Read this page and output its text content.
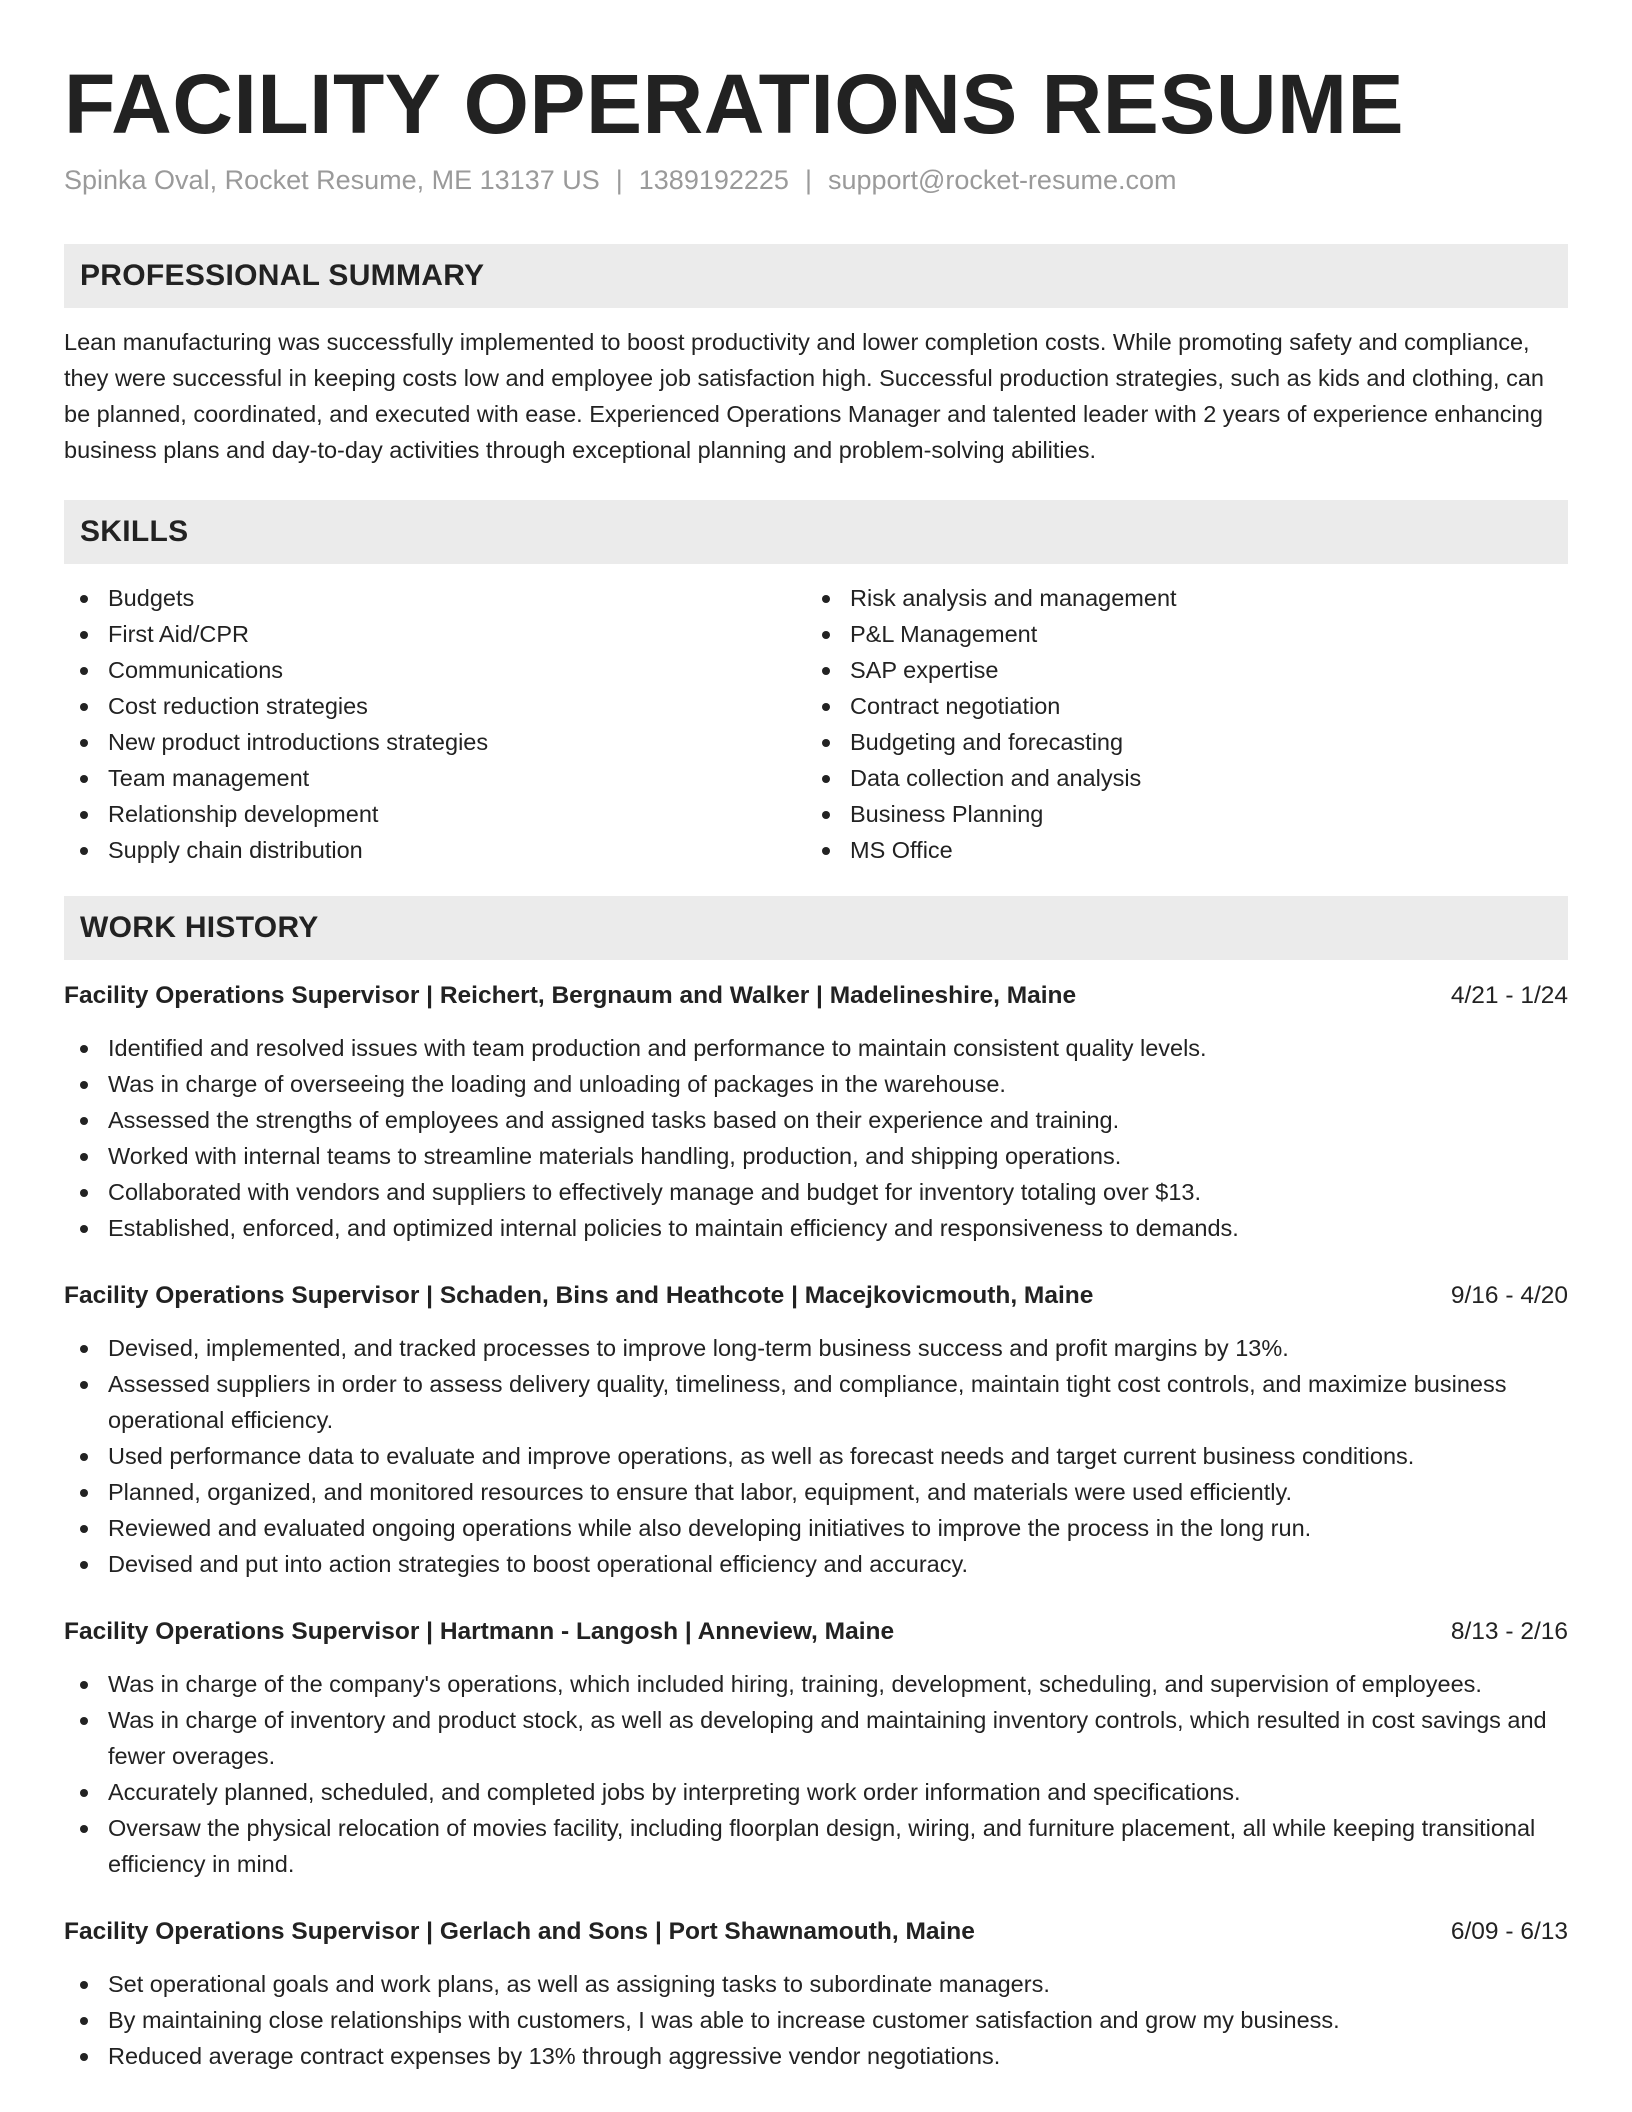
FACILITY OPERATIONS RESUME
Spinka Oval, Rocket Resume, ME 13137 US | 1389192225 | support@rocket-resume.com
PROFESSIONAL SUMMARY

Lean manufacturing was successfully implemented to boost productivity and lower completion costs. While promoting safety and compliance, they were successful in keeping costs low and employee job satisfaction high. Successful production strategies, such as kids and clothing, can be planned, coordinated, and executed with ease. Experienced Operations Manager and talented leader with 2 years of experience enhancing business plans and day-to-day activities through exceptional planning and problem-solving abilities.

SKILLS
Budgets
First Aid/CPR
Communications
Cost reduction strategies
New product introductions strategies
Team management
Relationship development
Supply chain distribution
Risk analysis and management
P&L Management
SAP expertise
Contract negotiation
Budgeting and forecasting
Data collection and analysis
Business Planning
MS Office
WORK HISTORY
Facility Operations Supervisor | Reichert, Bergnaum and Walker | Madelineshire, Maine	4/21 - 1/24
Identified and resolved issues with team production and performance to maintain consistent quality levels.
Was in charge of overseeing the loading and unloading of packages in the warehouse.
Assessed the strengths of employees and assigned tasks based on their experience and training.
Worked with internal teams to streamline materials handling, production, and shipping operations.
Collaborated with vendors and suppliers to effectively manage and budget for inventory totaling over $13.
Established, enforced, and optimized internal policies to maintain efficiency and responsiveness to demands.
Facility Operations Supervisor | Schaden, Bins and Heathcote | Macejkovicmouth, Maine	9/16 - 4/20
Devised, implemented, and tracked processes to improve long-term business success and profit margins by 13%.
Assessed suppliers in order to assess delivery quality, timeliness, and compliance, maintain tight cost controls, and maximize business operational efficiency.
Used performance data to evaluate and improve operations, as well as forecast needs and target current business conditions.
Planned, organized, and monitored resources to ensure that labor, equipment, and materials were used efficiently.
Reviewed and evaluated ongoing operations while also developing initiatives to improve the process in the long run.
Devised and put into action strategies to boost operational efficiency and accuracy.
Facility Operations Supervisor | Hartmann - Langosh | Anneview, Maine	8/13 - 2/16
Was in charge of the company's operations, which included hiring, training, development, scheduling, and supervision of employees.
Was in charge of inventory and product stock, as well as developing and maintaining inventory controls, which resulted in cost savings and fewer overages.
Accurately planned, scheduled, and completed jobs by interpreting work order information and specifications.
Oversaw the physical relocation of movies facility, including floorplan design, wiring, and furniture placement, all while keeping transitional efficiency in mind.
Facility Operations Supervisor | Gerlach and Sons | Port Shawnamouth, Maine	6/09 - 6/13
Set operational goals and work plans, as well as assigning tasks to subordinate managers.
By maintaining close relationships with customers, I was able to increase customer satisfaction and grow my business.
Reduced average contract expenses by 13% through aggressive vendor negotiations.
